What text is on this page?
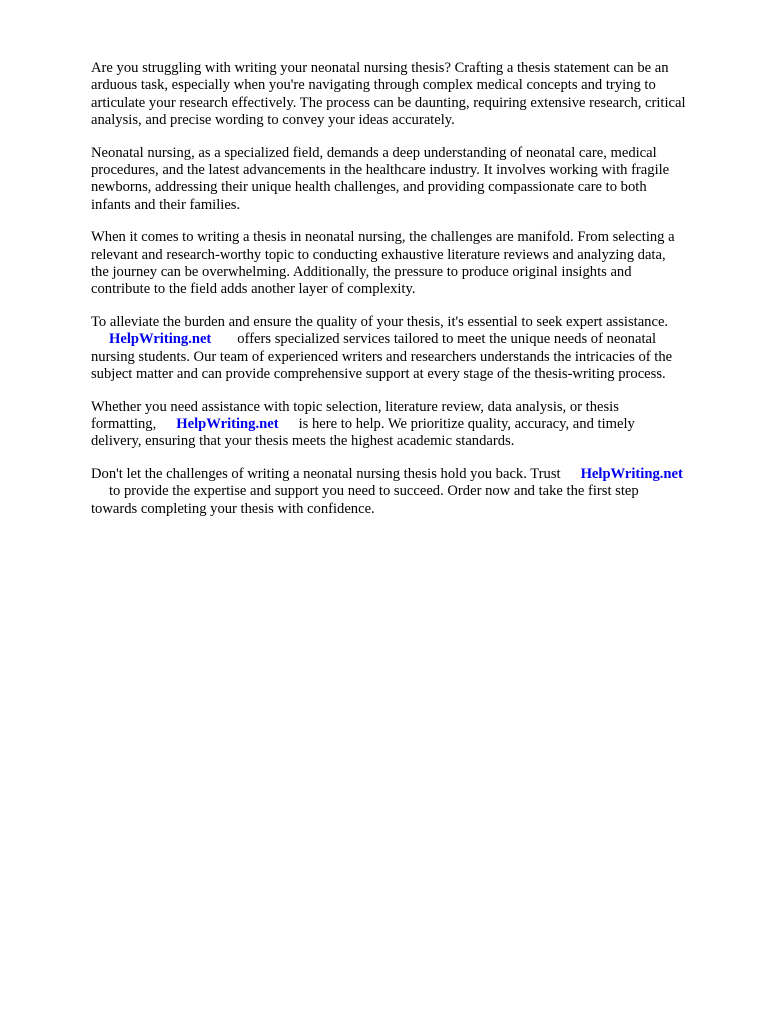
Are you struggling with writing your neonatal nursing thesis? Crafting a thesis statement can be an
arduous task, especially when you're navigating through complex medical concepts and trying to
articulate your research effectively. The process can be daunting, requiring extensive research, critical
analysis, and precise wording to convey your ideas accurately.

Neonatal nursing, as a specialized field, demands a deep understanding of neonatal care, medical
procedures, and the latest advancements in the healthcare industry. It involves working with fragile
newborns, addressing their unique health challenges, and providing compassionate care to both
infants and their families.

When it comes to writing a thesis in neonatal nursing, the challenges are manifold. From selecting a
relevant and research-worthy topic to conducting exhaustive literature reviews and analyzing data,
the journey can be overwhelming. Additionally, the pressure to produce original insights and
contribute to the field adds another layer of complexity.

To alleviate the burden and ensure the quality of your thesis, it's essential to seek expert assistance.
HelpWriting.net offers specialized services tailored to meet the unique needs of neonatal
nursing students. Our team of experienced writers and researchers understands the intricacies of the
subject matter and can provide comprehensive support at every stage of the thesis-writing process.

Whether you need assistance with topic selection, literature review, data analysis, or thesis
formatting, HelpWriting.net is here to help. We prioritize quality, accuracy, and timely
delivery, ensuring that your thesis meets the highest academic standards.

Don't let the challenges of writing a neonatal nursing thesis hold you back. Trust HelpWriting.net
to provide the expertise and support you need to succeed. Order now and take the first step
towards completing your thesis with confidence.
